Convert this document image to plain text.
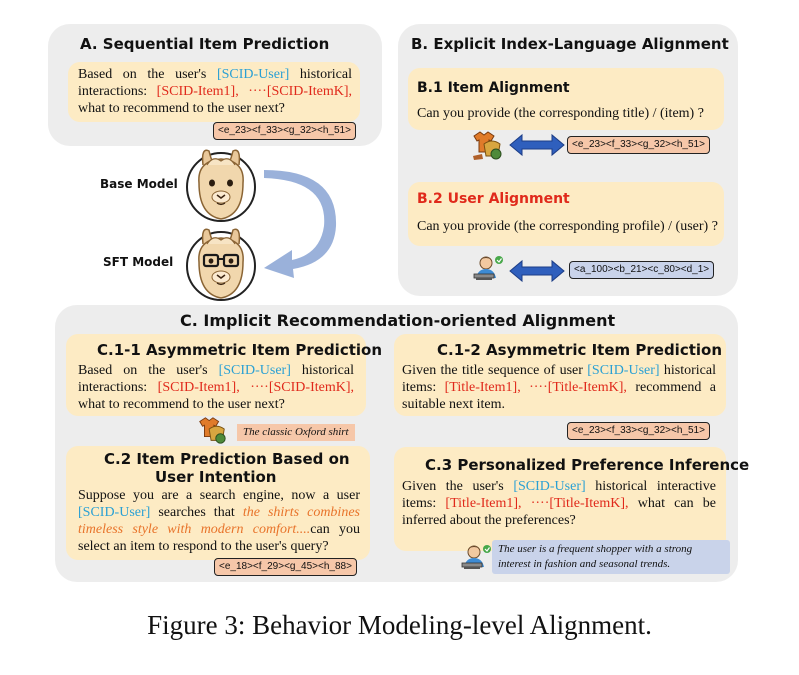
A. Sequential Item Prediction
Based on the user's [SCID-User] historical interactions: [SCID-Item1], ····[SCID-ItemK], what to recommend to the user next?
<e_23><f_33><g_32><h_51>
Base Model
SFT Model
B. Explicit Index-Language Alignment
B.1 Item Alignment
Can you provide (the corresponding title) / (item) ?
<e_23><f_33><g_32><h_51>
B.2 User Alignment
Can you provide (the corresponding profile) / (user) ?
<a_100><b_21><c_80><d_1>
C. Implicit Recommendation-oriented Alignment
C.1-1 Asymmetric Item Prediction
Based on the user's [SCID-User] historical interactions: [SCID-Item1], ····[SCID-ItemK], what to recommend to the user next?
The classic Oxford shirt
C.1-2 Asymmetric Item Prediction
Given the title sequence of user [SCID-User] historical items: [Title-Item1], ····[Title-ItemK], recommend a suitable next item.
<e_23><f_33><g_32><h_51>
C.2 Item Prediction Based on
User Intention
Suppose you are a search engine, now a user [SCID-User] searches that the shirts combines timeless style with modern comfort....can you select an item to respond to the user's query?
<e_18><f_29><g_45><h_88>
C.3 Personalized Preference Inference
Given the user's [SCID-User] historical interactive items: [Title-Item1], ····[Title-ItemK], what can be inferred about the preferences?
The user is a frequent shopper with a strong interest in fashion and seasonal trends.
Figure 3: Behavior Modeling-level Alignment.
